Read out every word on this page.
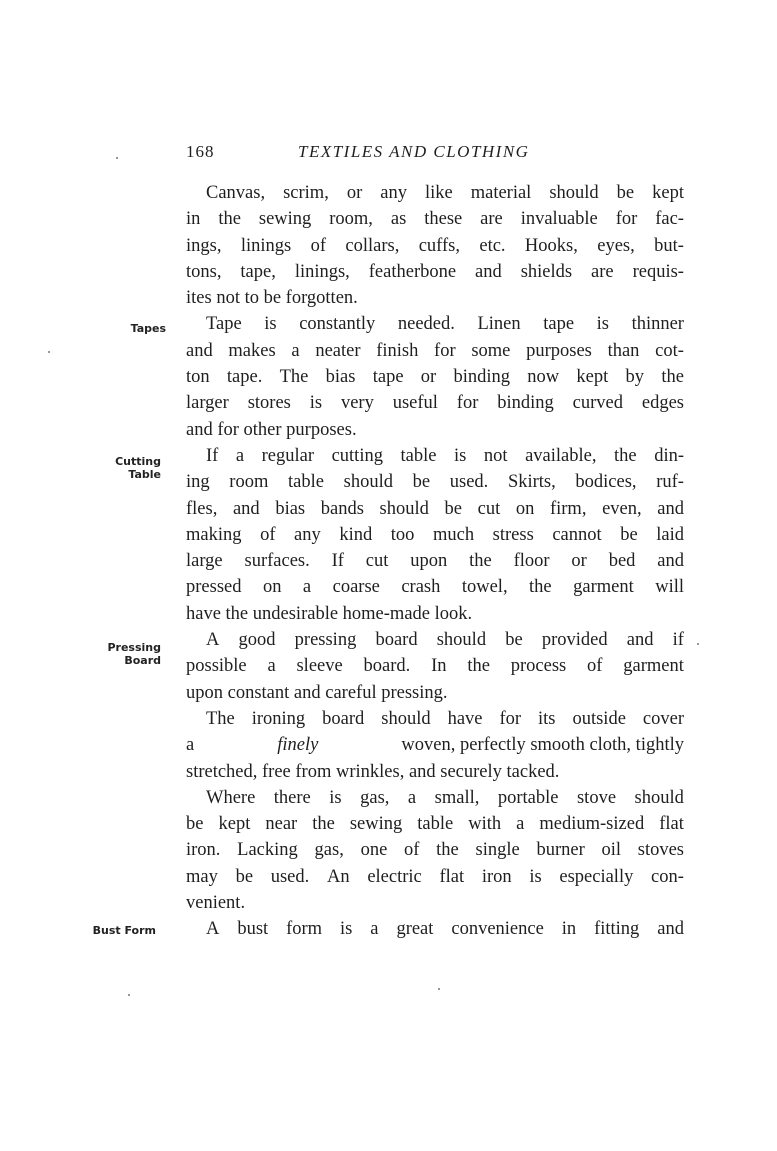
168	TEXTILES AND CLOTHING
Tapes
Cutting
Table
Pressing
Board
Bust Form
Canvas, scrim, or any like material should be kept
in the sewing room, as these are invaluable for fac-
ings, linings of collars, cuffs, etc. Hooks, eyes, but-
tons, tape, linings, featherbone and shields are requis-
ites not to be forgotten.
Tape is constantly needed. Linen tape is thinner
and makes a neater finish for some purposes than cot-
ton tape. The bias tape or binding now kept by the
larger stores is very useful for binding curved edges
and for other purposes.
If a regular cutting table is not available, the din-
ing room table should be used. Skirts, bodices, ruf-
fles, and bias bands should be cut on firm, even, and
making of any kind too much stress cannot be laid
large surfaces. If cut upon the floor or bed and
pressed on a coarse crash towel, the garment will
have the undesirable home-made look.
A good pressing board should be provided and if
possible a sleeve board. In the process of garment
upon constant and careful pressing.
The ironing board should have for its outside cover
a	finely	woven, perfectly smooth cloth, tightly
stretched, free from wrinkles, and securely tacked.
Where there is gas, a small, portable stove should
be kept near the sewing table with a medium-sized flat
iron. Lacking gas, one of the single burner oil stoves
may be used. An electric flat iron is especially con-
venient.
A bust form is a great convenience in fitting and
